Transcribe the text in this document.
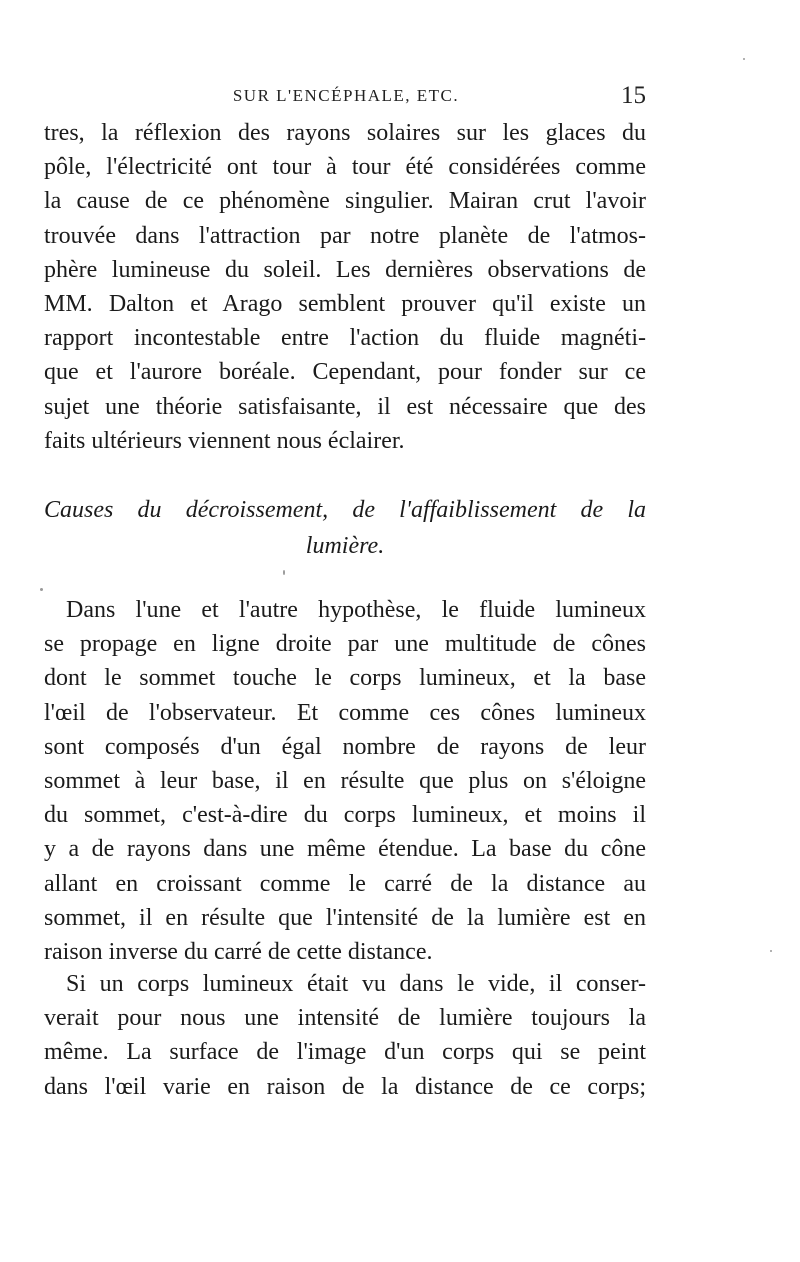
SUR L'ENCÉPHALE, ETC.	15
tres, la réflexion des rayons solaires sur les glaces du
pôle, l'électricité ont tour à tour été considérées comme
la cause de ce phénomène singulier. Mairan crut l'avoir
trouvée dans l'attraction par notre planète de l'atmos-
phère lumineuse du soleil. Les dernières observations de
MM. Dalton et Arago semblent prouver qu'il existe un
rapport incontestable entre l'action du fluide magnéti-
que et l'aurore boréale. Cependant, pour fonder sur ce
sujet une théorie satisfaisante, il est nécessaire que des
faits ultérieurs viennent nous éclairer.
Causes du décroissement, de l'affaiblissement de la
lumière.
Dans l'une et l'autre hypothèse, le fluide lumineux
se propage en ligne droite par une multitude de cônes
dont le sommet touche le corps lumineux, et la base
l'œil de l'observateur. Et comme ces cônes lumineux
sont composés d'un égal nombre de rayons de leur
sommet à leur base, il en résulte que plus on s'éloigne
du sommet, c'est-à-dire du corps lumineux, et moins il
y a de rayons dans une même étendue. La base du cône
allant en croissant comme le carré de la distance au
sommet, il en résulte que l'intensité de la lumière est en
raison inverse du carré de cette distance.
Si un corps lumineux était vu dans le vide, il conser-
verait pour nous une intensité de lumière toujours la
même. La surface de l'image d'un corps qui se peint
dans l'œil varie en raison de la distance de ce corps;
